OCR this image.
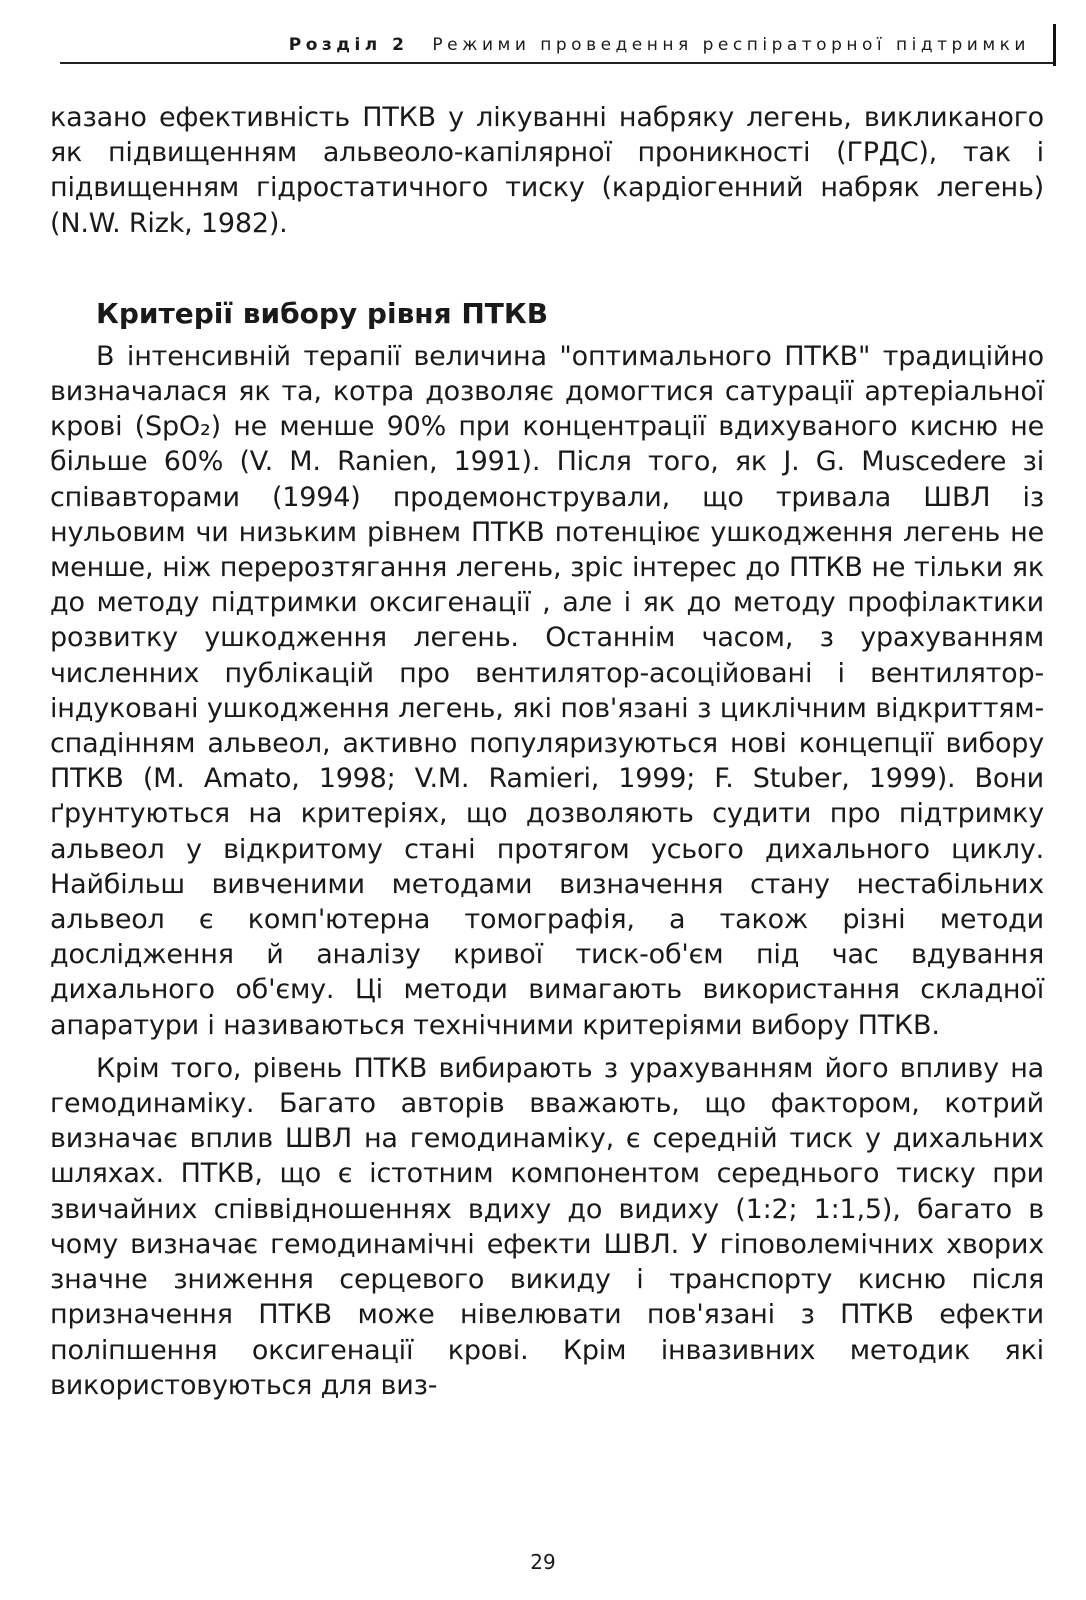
Розділ 2 Режими проведення респіраторної підтримки

казано ефективність ПТКВ у лікуванні набряку легень, викликаного як підвищенням альвеоло-капілярної проникності (ГРДС), так і підвищенням гідростатичного тиску (кардіогенний набряк легень) (N.W. Rizk, 1982).

Критерії вибору рівня ПТКВ

В інтенсивній терапії величина "оптимального ПТКВ" традиційно визначалася як та, котра дозволяє домогтися сатурації артеріальної крові (SpO₂) не менше 90% при концентрації вдихуваного кисню не більше 60% (V. M. Ranien, 1991). Після того, як J. G. Muscedere зі співавторами (1994) продемонстрували, що тривала ШВЛ із нульовим чи низьким рівнем ПТКВ потенціює ушкодження легень не менше, ніж перерозтягання легень, зріс інтерес до ПТКВ не тільки як до методу підтримки оксигенації , але і як до методу профілактики розвитку ушкодження легень. Останнім часом, з урахуванням численних публікацій про вентилятор-асоційовані і вентилятор-індуковані ушкодження легень, які пов'язані з циклічним відкриттям-спадінням альвеол, активно популяризуються нові концепції вибору ПТКВ (M. Amato, 1998; V.M. Ramieri, 1999; F. Stuber, 1999). Вони ґрунтуються на критеріях, що дозволяють судити про підтримку альвеол у відкритому стані протягом усього дихального циклу. Найбільш вивченими методами визначення стану нестабільних альвеол є комп'ютерна томографія, а також різні методи дослідження й аналізу кривої тиск-об'єм під час вдування дихального об'єму. Ці методи вимагають використання складної апаратури і називаються технічними критеріями вибору ПТКВ.

Крім того, рівень ПТКВ вибирають з урахуванням його впливу на гемодинаміку. Багато авторів вважають, що фактором, котрий визначає вплив ШВЛ на гемодинаміку, є середній тиск у дихальних шляхах. ПТКВ, що є істотним компонентом середнього тиску при звичайних співвідношеннях вдиху до видиху (1:2; 1:1,5), багато в чому визначає гемодинамічні ефекти ШВЛ. У гіповолемічних хворих значне зниження серцевого викиду і транспорту кисню після призначення ПТКВ може нівелювати пов'язані з ПТКВ ефекти поліпшення оксигенації крові. Крім інвазивних методик які використовуються для виз-

29
